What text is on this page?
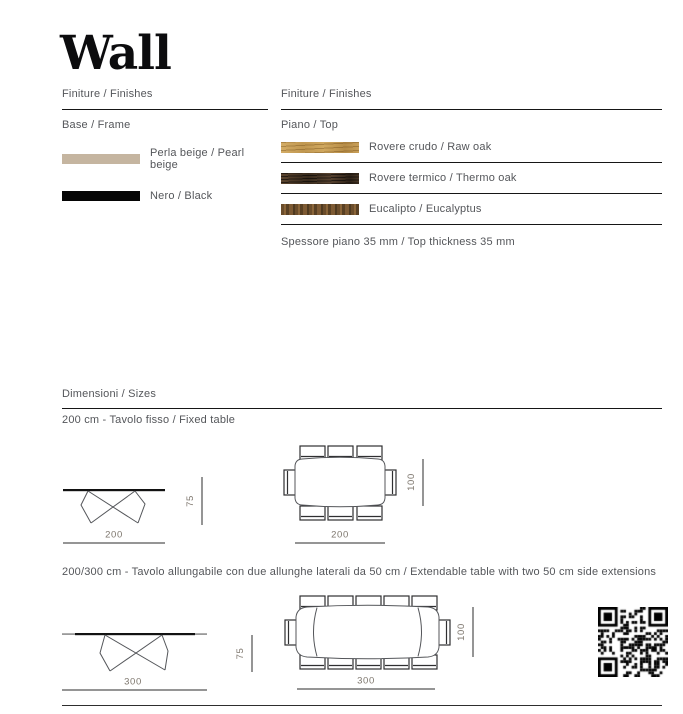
Wall
Finiture / Finishes
Base / Frame
Perla beige / Pearl beige
Nero / Black
Finiture / Finishes
Piano / Top
Rovere crudo / Raw oak
Rovere termico / Thermo oak
Eucalipto / Eucalyptus
Spessore piano 35 mm / Top thickness 35 mm
Dimensioni / Sizes
200 cm - Tavolo fisso / Fixed table
200/300 cm - Tavolo allungabile con due allunghe laterali da 50 cm / Extendable table with two 50 cm side extensions
200
75
100
200
300
75
100
300
